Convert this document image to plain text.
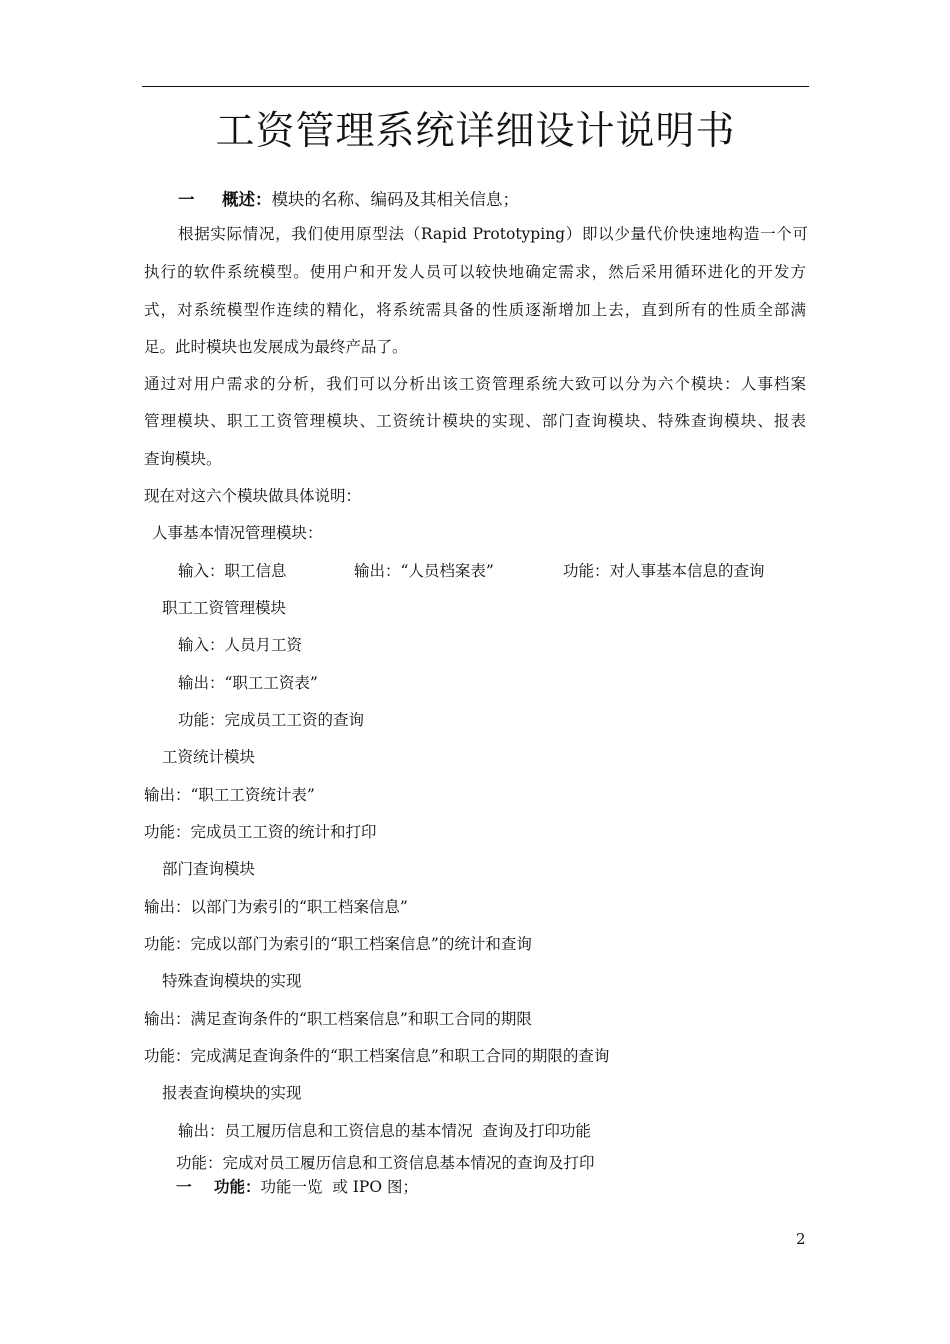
工资管理系统详细设计说明书
一 概述：模块的名称、编码及其相关信息；
根据实际情况，我们使用原型法（Rapid Prototyping）即以少量代价快速地构造一个可
执行的软件系统模型。使用户和开发人员可以较快地确定需求，然后采用循环进化的开发方
式，对系统模型作连续的精化，将系统需具备的性质逐渐增加上去，直到所有的性质全部满
足。此时模块也发展成为最终产品了。
通过对用户需求的分析，我们可以分析出该工资管理系统大致可以分为六个模块：人事档案
管理模块、职工工资管理模块、工资统计模块的实现、部门查询模块、特殊查询模块、报表
查询模块。
现在对这六个模块做具体说明：
人事基本情况管理模块：
输入：职工信息	输出：“人员档案表”	功能：对人事基本信息的查询
职工工资管理模块
输入：人员月工资
输出：“职工工资表”
功能：完成员工工资的查询
工资统计模块
输出：“职工工资统计表”
功能：完成员工工资的统计和打印
部门查询模块
输出：以部门为索引的“职工档案信息”
功能：完成以部门为索引的“职工档案信息”的统计和查询
特殊查询模块的实现
输出：满足查询条件的“职工档案信息”和职工合同的期限
功能：完成满足查询条件的“职工档案信息”和职工合同的期限的查询
报表查询模块的实现
输出：员工履历信息和工资信息的基本情况  查询及打印功能
功能：完成对员工履历信息和工资信息基本情况的查询及打印
一 功能：功能一览  或 IPO 图；
2
